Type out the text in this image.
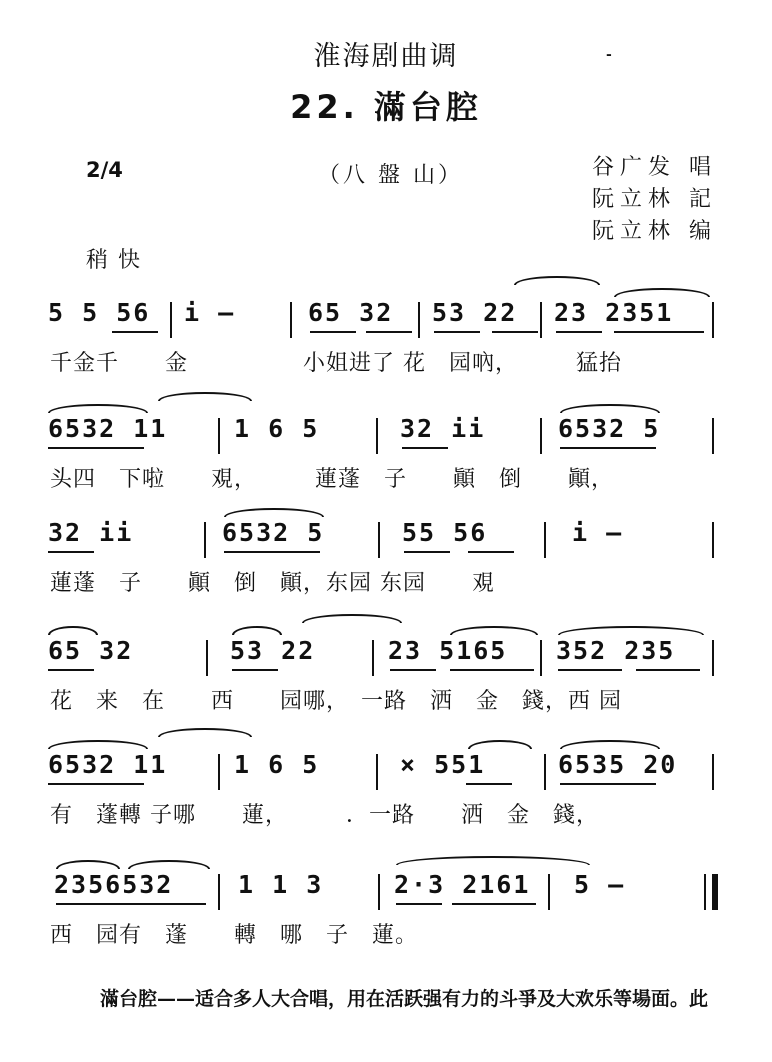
淮海剧曲调	-
22. 滿台腔
2/4	（八 盤 山）	谷广发 唱
阮立林 記
阮立林 编
稍快
5 5 56 i —	65 32 53 22 23 2351
千金千　　金　　　　　小姐进了 花　园吶，　　　猛抬
6532 11	1 6 5	32 ii	6532 5
头四　下啦　　覌，　　　蓮蓬　子　　顚　倒　　顚，
32 ii	6532 5	55 56	i —
蓮蓬　子　　顚　倒　顚，东园 东园　　覌
65 32	53 22	23 5165 352 235
花　来　在　　西　　园哪，　一路　洒　金　錢，西 园
6532 11	1 6 5	× 551	6535 20
有　蓬轉 子哪　　蓮，　　　．一路　　洒　金　錢，
2356532	1 1 3	2·3 2161 5 —
西　园有　蓬　　轉　哪　子　蓮。
滿台腔——适合多人大合唱，用在活跃强有力的斗爭及大欢乐等場面。此
